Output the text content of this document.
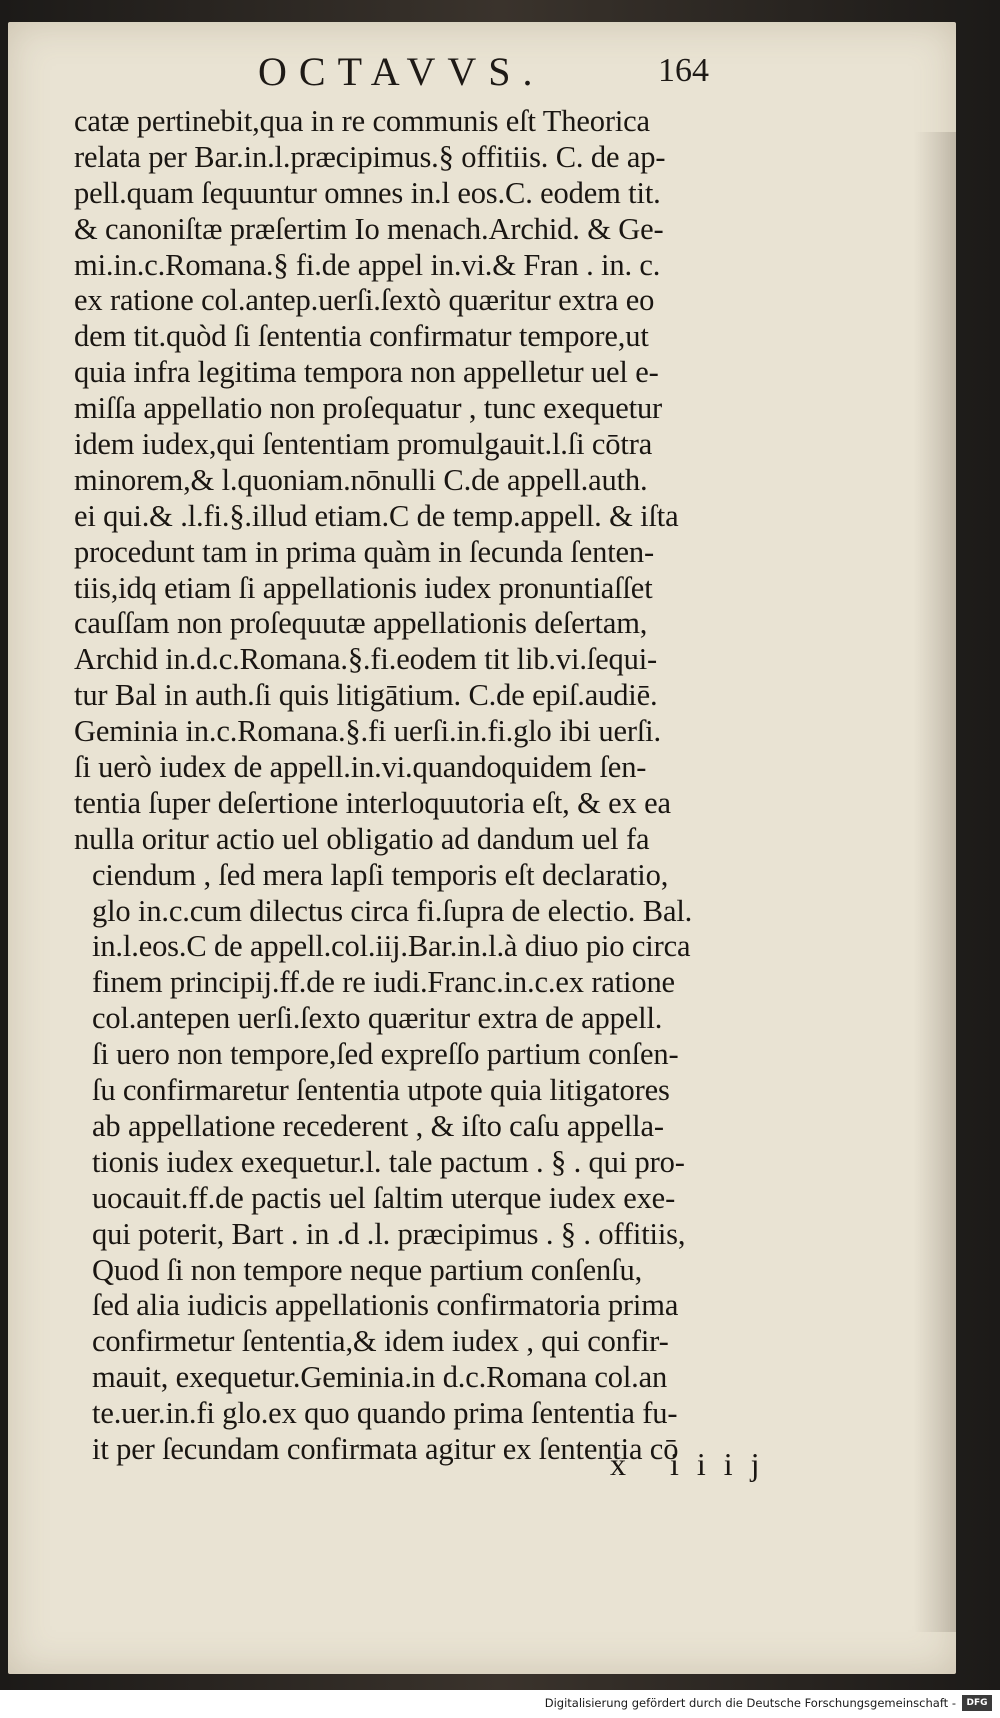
OCTAVVS.	164
catæ pertinebit,qua in re communis eſt Theorica
relata per Bar.in.l.præcipimus.§ offitiis. C. de ap-
pell.quam ſequuntur omnes in.l eos.C. eodem tit.
& canoniſtæ præſertim Io menach.Archid. & Ge-
mi.in.c.Romana.§ fi.de appel in.vi.& Fran . in. c.
ex ratione col.antep.uerſi.ſextò quæritur extra eo
dem tit.quòd ſi ſententia confirmatur tempore,ut
quia infra legitima tempora non appelletur uel e-
miſſa appellatio non proſequatur , tunc exequetur
idem iudex,qui ſententiam promulgauit.l.ſi cōtra
minorem,& l.quoniam.nōnulli C.de appell.auth.
ei qui.& .l.fi.§.illud etiam.C de temp.appell. & iſta
procedunt tam in prima quàm in ſecunda ſenten-
tiis,idq etiam ſi appellationis iudex pronuntiaſſet
cauſſam non proſequutæ appellationis deſertam,
Archid in.d.c.Romana.§.fi.eodem tit lib.vi.ſequi-
tur Bal in auth.ſi quis litigātium. C.de epiſ.audiē.
Geminia in.c.Romana.§.fi uerſi.in.fi.glo ibi uerſi.
ſi uerò iudex de appell.in.vi.quandoquidem ſen-
tentia ſuper deſertione interloquutoria eſt, & ex ea
nulla oritur actio uel obligatio ad dandum uel fa
ciendum , ſed mera lapſi temporis eſt declaratio,
glo in.c.cum dilectus circa fi.ſupra de electio. Bal.
in.l.eos.C de appell.col.iij.Bar.in.l.à diuo pio circa
finem principij.ff.de re iudi.Franc.in.c.ex ratione
col.antepen uerſi.ſexto quæritur extra de appell.
ſi uero non tempore,ſed expreſſo partium conſen-
ſu confirmaretur ſententia utpote quia litigatores
ab appellatione recederent , & iſto caſu appella-
tionis iudex exequetur.l. tale pactum . § . qui pro-
uocauit.ff.de pactis uel ſaltim uterque iudex exe-
qui poterit, Bart . in .d .l. præcipimus . § . offitiis,
Quod ſi non tempore neque partium conſenſu,
ſed alia iudicis appellationis confirmatoria prima
confirmetur ſententia,& idem iudex , qui confir-
mauit, exequetur.Geminia.in d.c.Romana col.an
te.uer.in.fi glo.ex quo quando prima ſententia fu-
it per ſecundam confirmata agitur ex ſententia cō
x iiij
Digitalisierung gefördert durch die Deutsche Forschungsgemeinschaft -	DFG
